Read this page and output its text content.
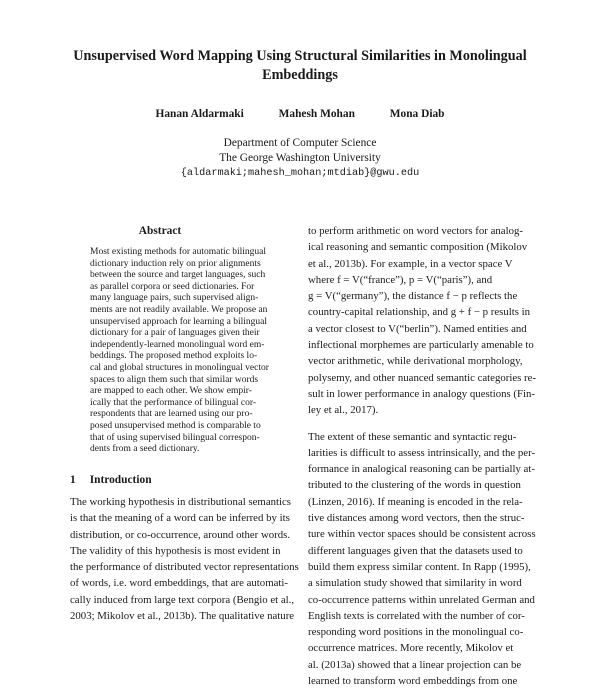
Unsupervised Word Mapping Using Structural Similarities in Monolingual
Embeddings
Hanan Aldarmaki	Mahesh Mohan	Mona Diab
Department of Computer Science
The George Washington University
{aldarmaki;mahesh_mohan;mtdiab}@gwu.edu
Abstract
Most existing methods for automatic bilingual
dictionary induction rely on prior alignments
between the source and target languages, such
as parallel corpora or seed dictionaries. For
many language pairs, such supervised align-
ments are not readily available. We propose an
unsupervised approach for learning a bilingual
dictionary for a pair of languages given their
independently-learned monolingual word em-
beddings. The proposed method exploits lo-
cal and global structures in monolingual vector
spaces to align them such that similar words
are mapped to each other. We show empir-
ically that the performance of bilingual cor-
respondents that are learned using our pro-
posed unsupervised method is comparable to
that of using supervised bilingual correspon-
dents from a seed dictionary.
1 Introduction
The working hypothesis in distributional semantics
is that the meaning of a word can be inferred by its
distribution, or co-occurrence, around other words.
The validity of this hypothesis is most evident in
the performance of distributed vector representations
of words, i.e. word embeddings, that are automati-
cally induced from large text corpora (Bengio et al.,
2003; Mikolov et al., 2013b). The qualitative nature
to perform arithmetic on word vectors for analog-
ical reasoning and semantic composition (Mikolov
et al., 2013b). For example, in a vector space V
where f = V(“france”), p = V(“paris”), and
g = V(“germany”), the distance f − p reflects the
country-capital relationship, and g + f − p results in
a vector closest to V(“berlin”). Named entities and
inflectional morphemes are particularly amenable to
vector arithmetic, while derivational morphology,
polysemy, and other nuanced semantic categories re-
sult in lower performance in analogy questions (Fin-
ley et al., 2017).
The extent of these semantic and syntactic regu-
larities is difficult to assess intrinsically, and the per-
formance in analogical reasoning can be partially at-
tributed to the clustering of the words in question
(Linzen, 2016). If meaning is encoded in the rela-
tive distances among word vectors, then the struc-
ture within vector spaces should be consistent across
different languages given that the datasets used to
build them express similar content. In Rapp (1995),
a simulation study showed that similarity in word
co-occurrence patterns within unrelated German and
English texts is correlated with the number of cor-
responding word positions in the monolingual co-
occurrence matrices. More recently, Mikolov et
al. (2013a) showed that a linear projection can be
learned to transform word embeddings from one
